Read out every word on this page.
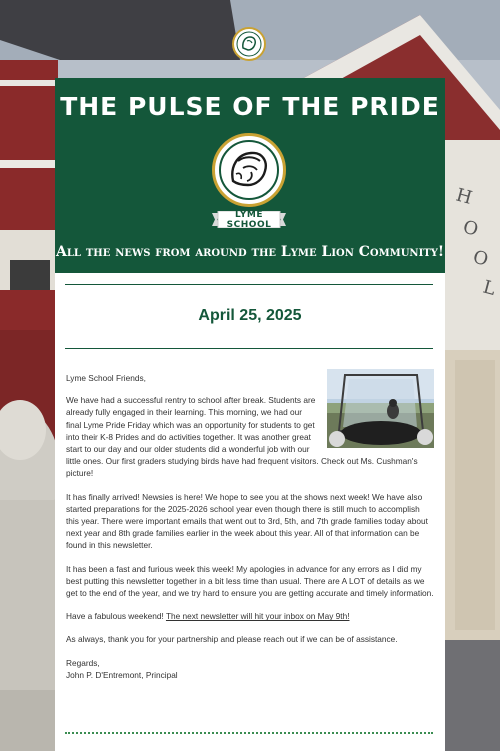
H
O
O
L
THE PULSE OF THE PRIDE
LYME SCHOOL
All the news from around the Lyme Lion Community!
April 25, 2025

Lyme School Friends,

We have had a successful rentry to school after break. Students are already fully engaged in their learning. This morning, we had our final Lyme Pride Friday which was an opportunity for students to get into their K-8 Prides and do activities together. It was another great start to our day and our older students did a wonderful job with our little ones. Our first graders studying birds have had frequent visitors. Check out Ms. Cushman's picture!

It has finally arrived! Newsies is here! We hope to see you at the shows next week! We have also started preparations for the 2025-2026 school year even though there is still much to accomplish this year. There were important emails that went out to 3rd, 5th, and 7th grade families today about next year and 8th grade families earlier in the week about this year. All of that information can be found in this newsletter.

It has been a fast and furious week this week! My apologies in advance for any errors as I did my best putting this newsletter together in a bit less time than usual. There are A LOT of details as we get to the end of the year, and we try hard to ensure you are getting accurate and timely information.

Have a fabulous weekend! The next newsletter will hit your inbox on May 9th!

As always, thank you for your partnership and please reach out if we can be of assistance.

Regards,

John P. D'Entremont, Principal
